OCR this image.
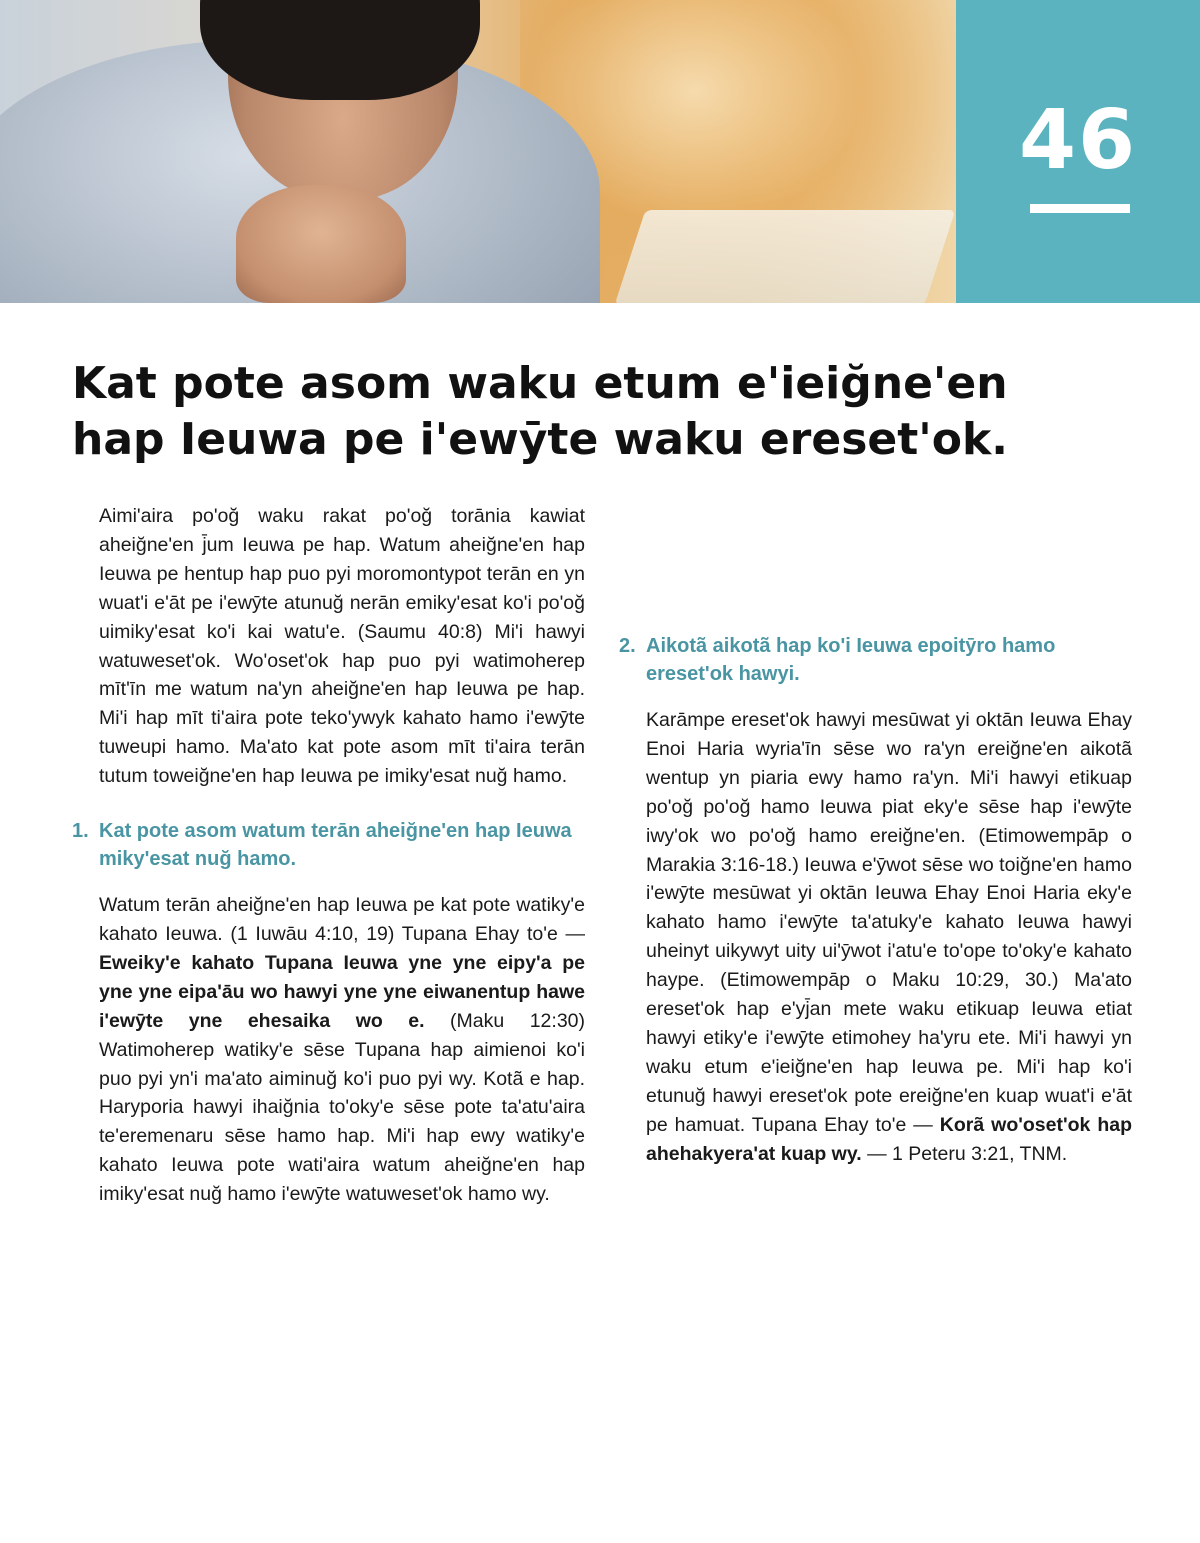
46
Kat pote asom waku etum e'ieiğne'en
hap Ieuwa pe i'ewȳte waku ereset'ok.

Aimi'aira po'oğ waku rakat po'oğ torānia kawiat aheiğne'en j̄um Ieuwa pe hap. Watum aheiğne'en hap Ieuwa pe hentup hap puo pyi moromontypot terān en yn wuat'i e'āt pe i'ewȳte atunuğ nerān emiky'esat ko'i po'oğ uimiky'esat ko'i kai watu'e. (Saumu 40:8) Mi'i hawyi watuweset'ok. Wo'oset'ok hap puo pyi watimoherep mīt'īn me watum na'yn aheiğne'en hap Ieuwa pe hap. Mi'i hap mīt ti'aira pote teko'ywyk kahato hamo i'ewȳte tuweupi hamo. Ma'ato kat pote asom mīt ti'aira terān tutum toweiğne'en hap Ieuwa pe imiky'esat nuğ hamo.

1. Kat pote asom watum terān aheiğne'en hap Ieuwa miky'esat nuğ hamo.

Watum terān aheiğne'en hap Ieuwa pe kat pote watiky'e kahato Ieuwa. (1 Iuwāu 4:10, 19) Tupana Ehay to'e — Eweiky'e kahato Tupana Ieuwa yne yne eipy'a pe yne yne eipa'āu wo hawyi yne yne eiwanentup hawe i'ewȳte yne ehesaika wo e. (Maku 12:30) Watimoherep watiky'e sēse Tupana hap aimienoi ko'i puo pyi yn'i ma'ato aiminuğ ko'i puo pyi wy. Kotã e hap. Haryporia hawyi ihaiğnia to'oky'e sēse pote ta'atu'aira te'eremenaru sēse hamo hap. Mi'i hap ewy watiky'e kahato Ieuwa pote wati'aira watum aheiğne'en hap imiky'esat nuğ hamo i'ewȳte watuweset'ok hamo wy.

2. Aikotã aikotã hap ko'i Ieuwa epoitȳro hamo ereset'ok hawyi.

Karāmpe ereset'ok hawyi mesūwat yi oktān Ieuwa Ehay Enoi Haria wyria'īn sēse wo ra'yn ereiğne'en aikotã wentup yn piaria ewy hamo ra'yn. Mi'i hawyi etikuap po'oğ po'oğ hamo Ieuwa piat eky'e sēse hap i'ewȳte iwy'ok wo po'oğ hamo ereiğne'en. (Etimowempāp o Marakia 3:16-18.) Ieuwa e'ȳwot sēse wo toiğne'en hamo i'ewȳte mesūwat yi oktān Ieuwa Ehay Enoi Haria eky'e kahato hamo i'ewȳte ta'atuky'e kahato Ieuwa hawyi uheinyt uikywyt uity ui'ȳwot i'atu'e to'ope to'oky'e kahato haype. (Etimowempāp o Maku 10:29, 30.) Ma'ato ereset'ok hap e'yj̄an mete waku etikuap Ieuwa etiat hawyi etiky'e i'ewȳte etimohey ha'yru ete. Mi'i hawyi yn waku etum e'ieiğne'en hap Ieuwa pe. Mi'i hap ko'i etunuğ hawyi ereset'ok pote ereiğne'en kuap wuat'i e'āt pe hamuat. Tupana Ehay to'e — Korã wo'oset'ok hap ahehakyera'at kuap wy. — 1 Peteru 3:21, TNM.
